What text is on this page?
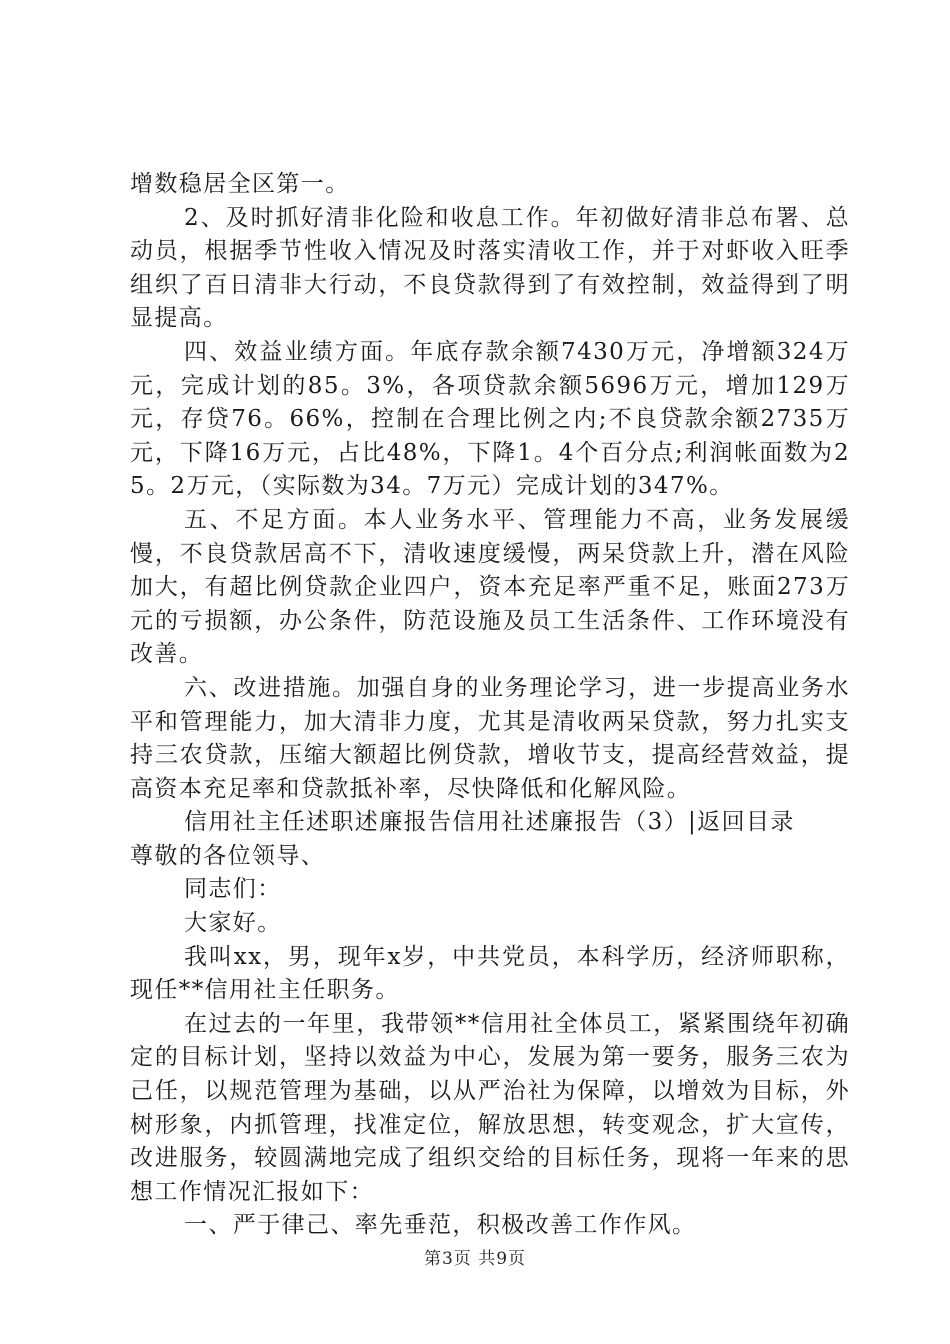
增数稳居全区第一。

2、及时抓好清非化险和收息工作。年初做好清非总布署、总动员，根据季节性收入情况及时落实清收工作，并于对虾收入旺季组织了百日清非大行动，不良贷款得到了有效控制，效益得到了明显提高。

四、效益业绩方面。年底存款余额7430万元，净增额324万元，完成计划的85。3%，各项贷款余额5696万元，增加129万元，存贷76。66%，控制在合理比例之内;不良贷款余额2735万元，下降16万元，占比48%，下降1。4个百分点;利润帐面数为25。2万元，（实际数为34。7万元）完成计划的347%。

五、不足方面。本人业务水平、管理能力不高，业务发展缓慢，不良贷款居高不下，清收速度缓慢，两呆贷款上升，潜在风险加大，有超比例贷款企业四户，资本充足率严重不足，账面273万元的亏损额，办公条件，防范设施及员工生活条件、工作环境没有改善。

六、改进措施。加强自身的业务理论学习，进一步提高业务水平和管理能力，加大清非力度，尤其是清收两呆贷款，努力扎实支持三农贷款，压缩大额超比例贷款，增收节支，提高经营效益，提高资本充足率和贷款抵补率，尽快降低和化解风险。

信用社主任述职述廉报告信用社述廉报告（3）|返回目录

尊敬的各位领导、

同志们：

大家好。

我叫xx，男，现年x岁，中共党员，本科学历，经济师职称，现任**信用社主任职务。

在过去的一年里，我带领**信用社全体员工，紧紧围绕年初确定的目标计划，坚持以效益为中心，发展为第一要务，服务三农为己任，以规范管理为基础，以从严治社为保障，以增效为目标，外树形象，内抓管理，找准定位，解放思想，转变观念，扩大宣传，改进服务，较圆满地完成了组织交给的目标任务，现将一年来的思想工作情况汇报如下：

一、严于律己、率先垂范，积极改善工作作风。

第3页 共9页
